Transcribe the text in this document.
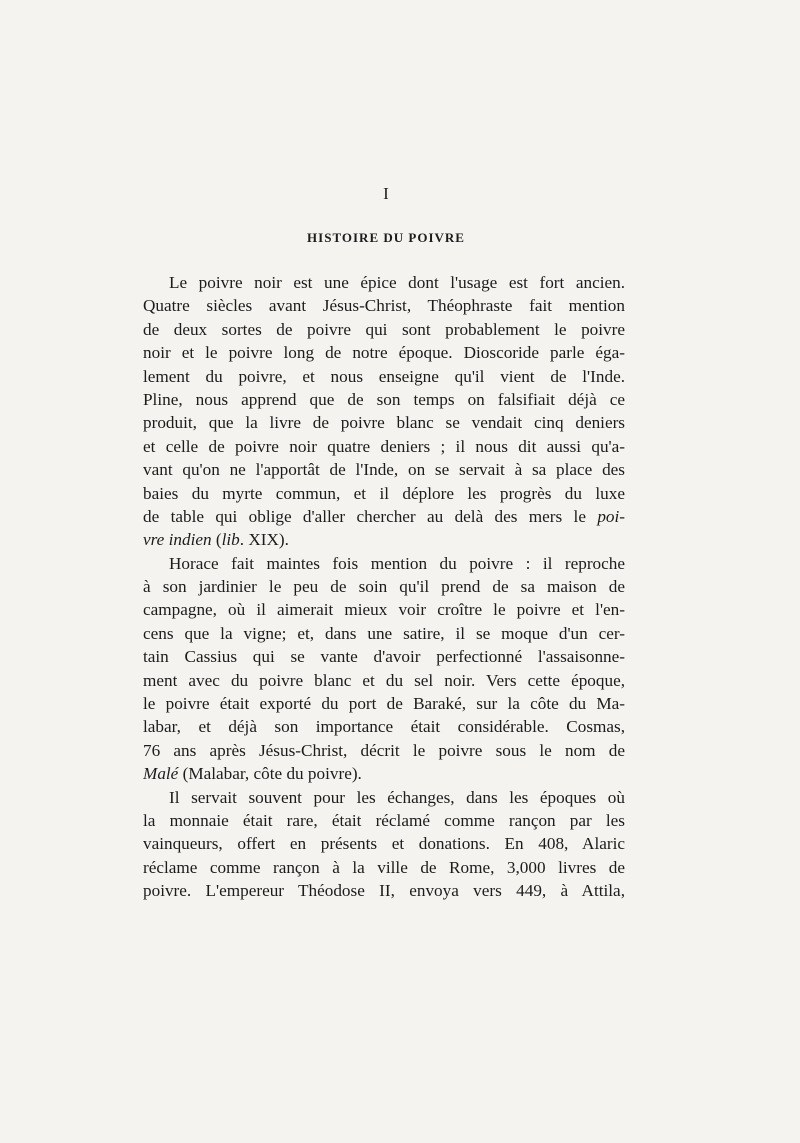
I
HISTOIRE DU POIVRE
Le poivre noir est une épice dont l'usage est fort ancien.
Quatre siècles avant Jésus-Christ, Théophraste fait mention
de deux sortes de poivre qui sont probablement le poivre
noir et le poivre long de notre époque. Dioscoride parle éga-
lement du poivre, et nous enseigne qu'il vient de l'Inde.
Pline, nous apprend que de son temps on falsifiait déjà ce
produit, que la livre de poivre blanc se vendait cinq deniers
et celle de poivre noir quatre deniers ; il nous dit aussi qu'a-
vant qu'on ne l'apportât de l'Inde, on se servait à sa place des
baies du myrte commun, et il déplore les progrès du luxe
de table qui oblige d'aller chercher au delà des mers le poi-
vre indien (lib. XIX).
Horace fait maintes fois mention du poivre : il reproche
à son jardinier le peu de soin qu'il prend de sa maison de
campagne, où il aimerait mieux voir croître le poivre et l'en-
cens que la vigne; et, dans une satire, il se moque d'un cer-
tain Cassius qui se vante d'avoir perfectionné l'assaisonne-
ment avec du poivre blanc et du sel noir. Vers cette époque,
le poivre était exporté du port de Baraké, sur la côte du Ma-
labar, et déjà son importance était considérable. Cosmas,
76 ans après Jésus-Christ, décrit le poivre sous le nom de
Malé (Malabar, côte du poivre).
Il servait souvent pour les échanges, dans les époques où
la monnaie était rare, était réclamé comme rançon par les
vainqueurs, offert en présents et donations. En 408, Alaric
réclame comme rançon à la ville de Rome, 3,000 livres de
poivre. L'empereur Théodose II, envoya vers 449, à Attila,
